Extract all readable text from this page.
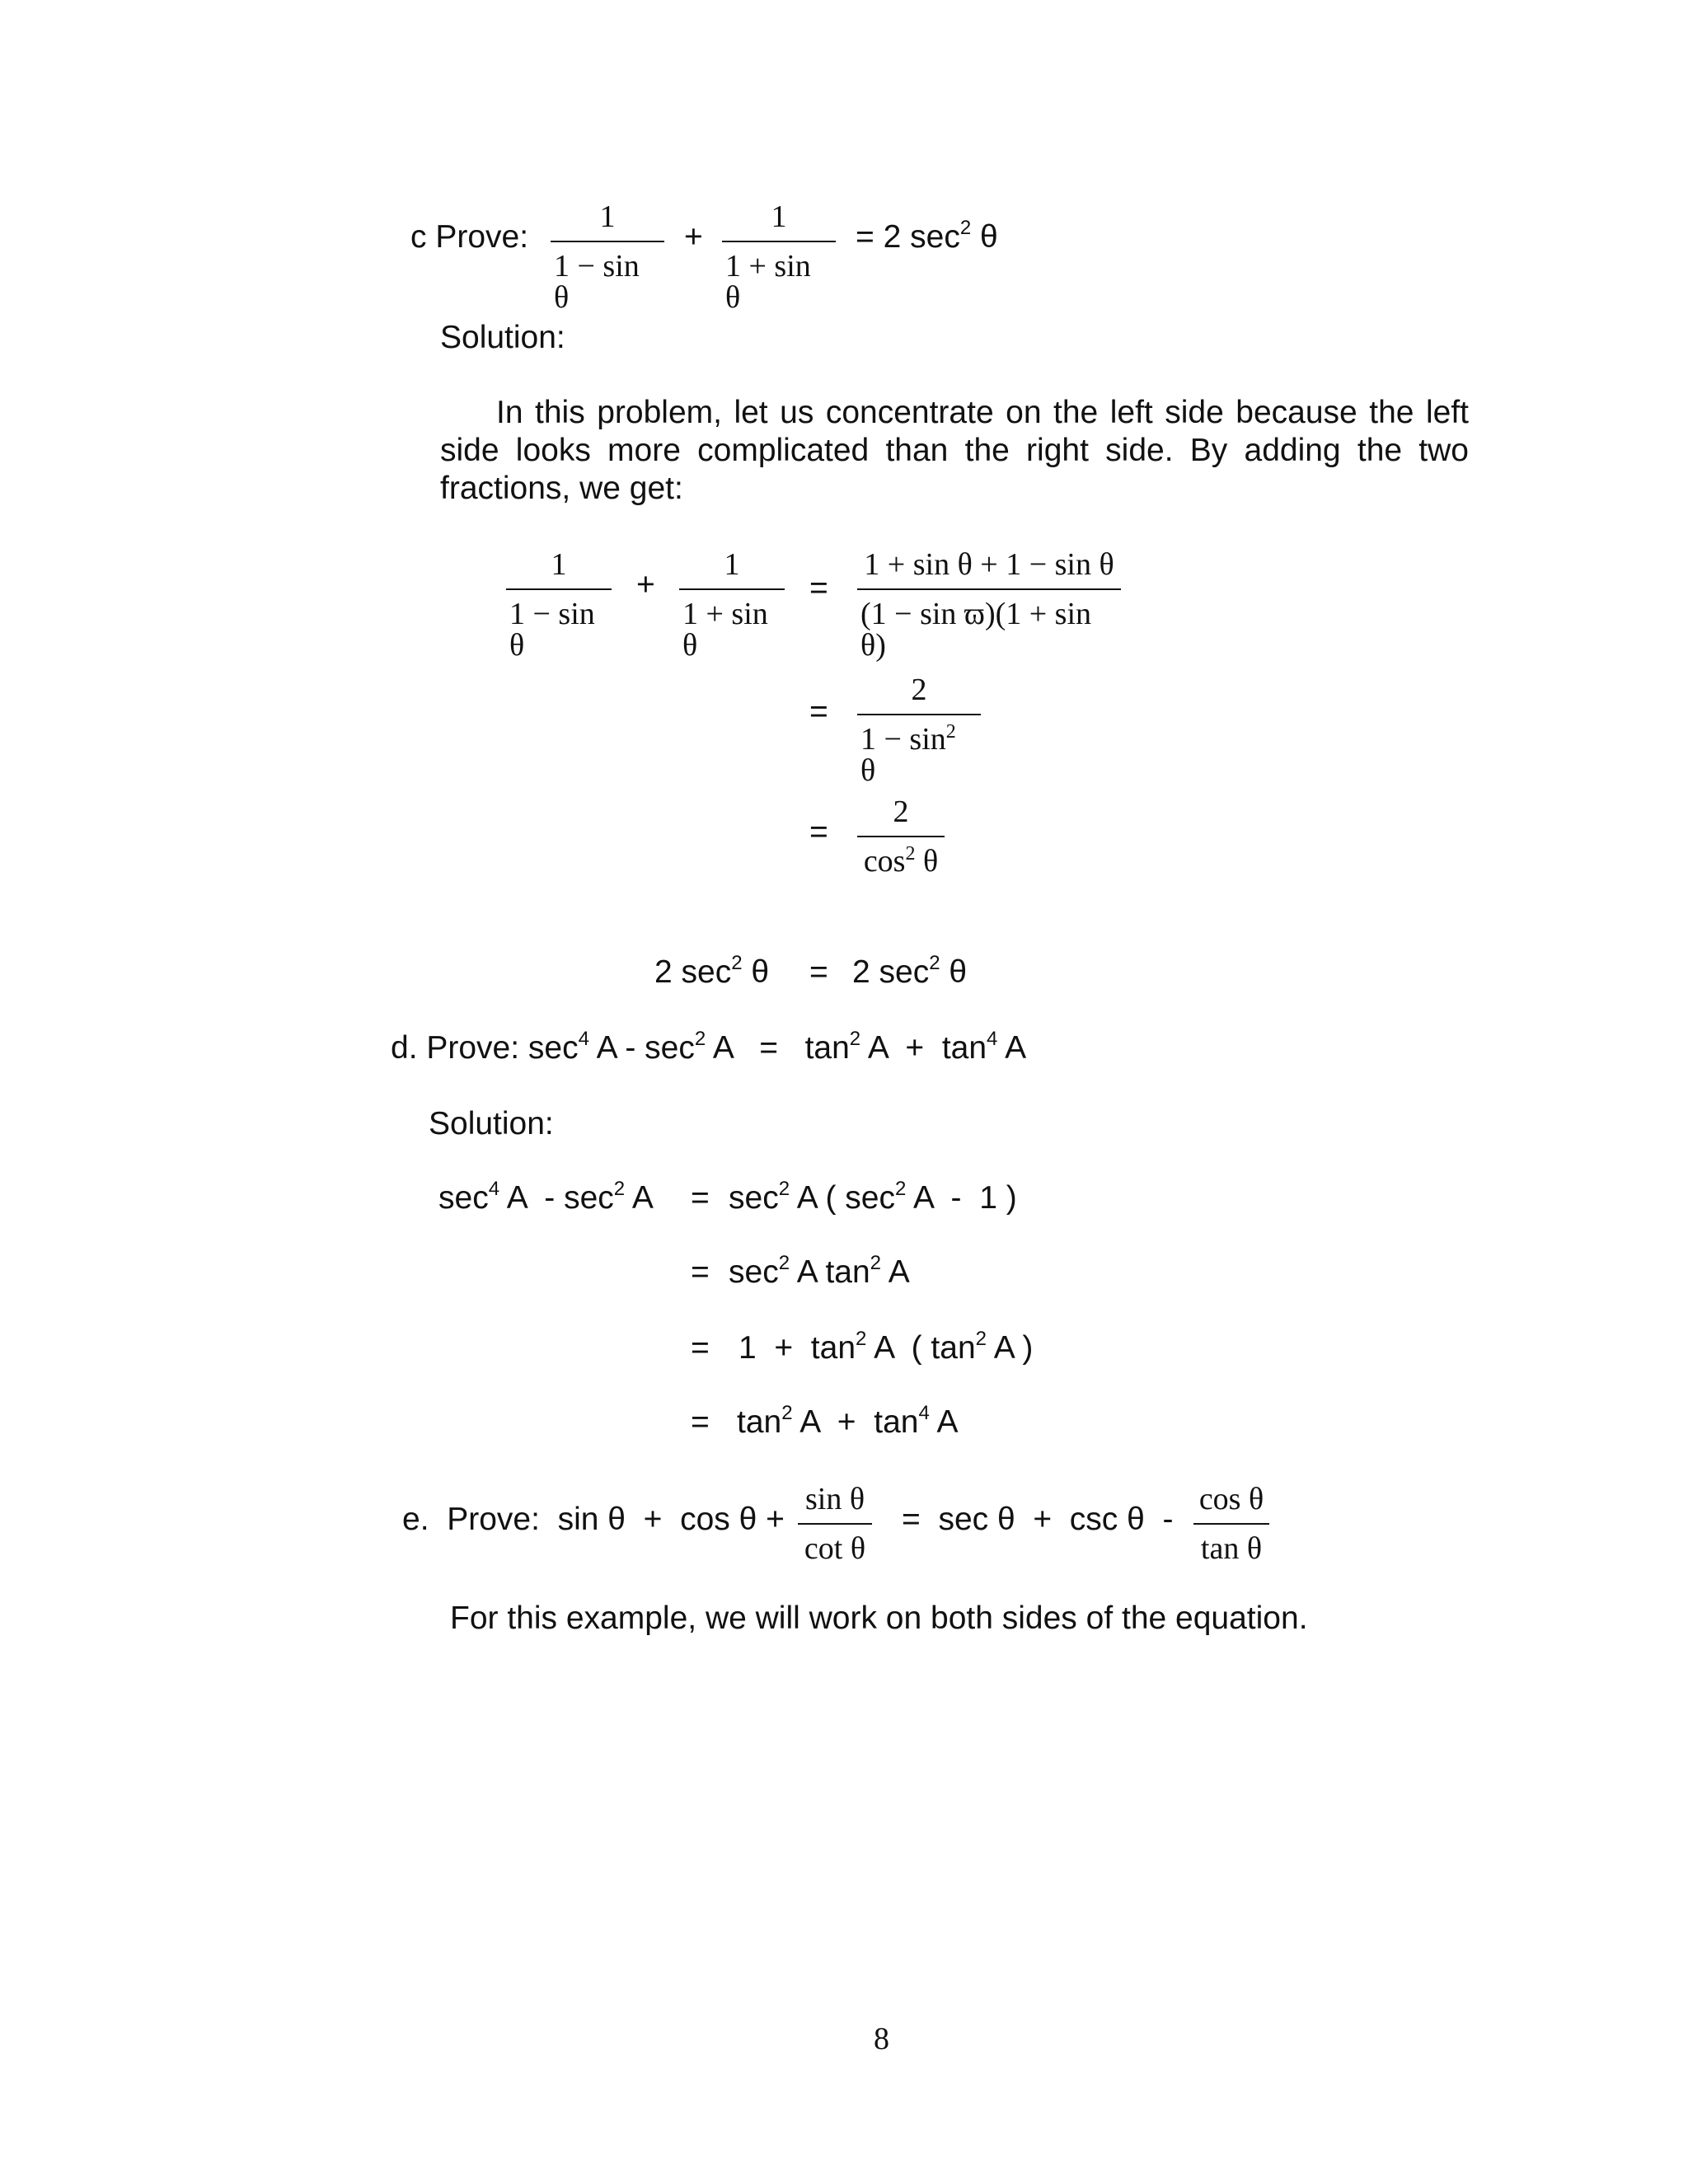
c Prove:
1
1 − sin θ
+
1
1 + sin θ
= 2 $\sec^2 \theta$
Solution:
In this problem, let us concentrate on the left side because the left side looks more complicated than the right side. By adding the two fractions, we get:
1
1 − sin θ
+
1
1 + sin θ
=
1 + sin θ + 1 − sin θ
(1 − sin ϖ)(1 + sin θ)
=
2
$1 - \sin^2 \theta$
=
2
$\cos^2 \theta$
2 $\sec^2 \theta = 2$ $\sec^2 \theta$
d. Prove: $\sec^4 A - \sec^2 A = \tan^2 A + \tan^4 A$
Solution:
$\sec^4 A - \sec^2 A = \sec^2 A$ ( $\sec^2 A - 1$ )
= $\sec^2 A$ $\tan^2 A$
= $1 + \tan^2 A$  ( $\tan^2 A$ )
= $\tan^2 A + \tan^4 A$
e.  Prove:  sin θ  +  cos θ +
sin θ
cot θ
=  sec θ  +  csc θ  -
cos θ
tan θ
For this example, we will work on both sides of the equation.
8
